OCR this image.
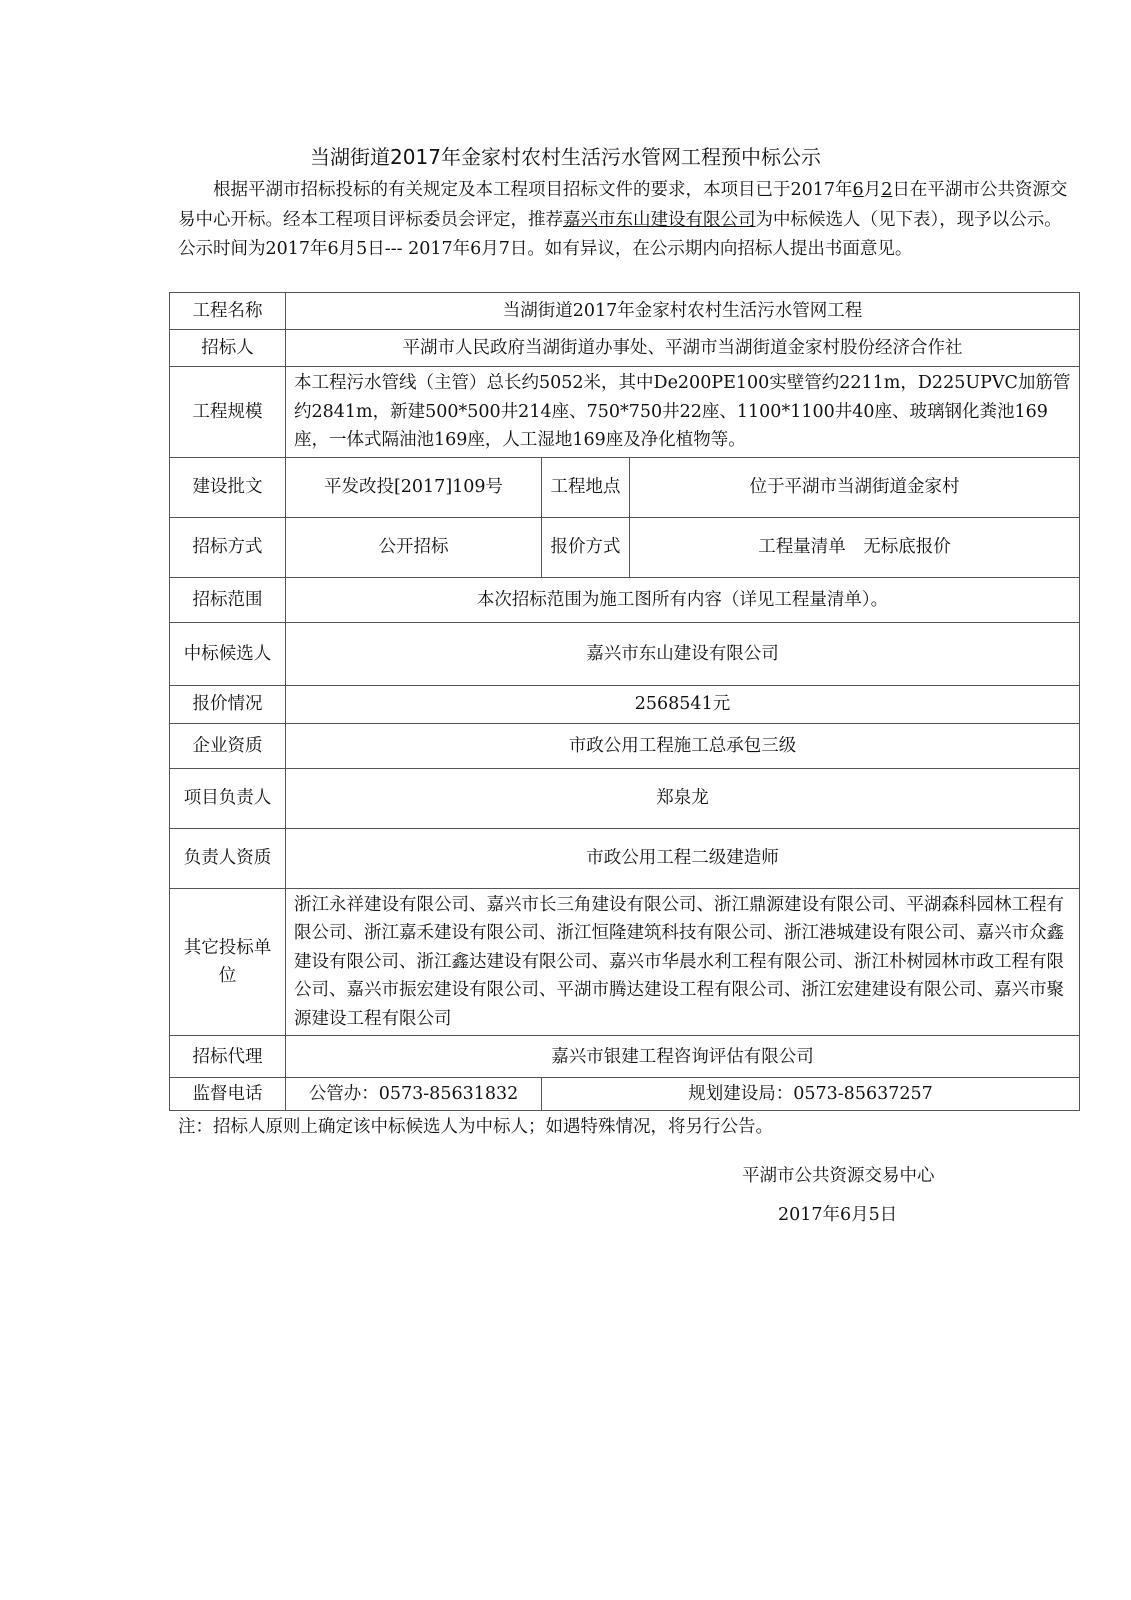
当湖街道2017年金家村农村生活污水管网工程预中标公示
根据平湖市招标投标的有关规定及本工程项目招标文件的要求，本项目已于2017年6月2日在平湖市公共资源交易中心开标。经本工程项目评标委员会评定，推荐嘉兴市东山建设有限公司为中标候选人（见下表），现予以公示。公示时间为2017年6月5日--- 2017年6月7日。如有异议，在公示期内向招标人提出书面意见。
工程名称	当湖街道2017年金家村农村生活污水管网工程		
招标人	平湖市人民政府当湖街道办事处、平湖市当湖街道金家村股份经济合作社		
工程规模	本工程污水管线（主管）总长约5052米，其中De200PE100实壁管约2211m，D225UPVC加筋管约2841m，新建500*500井214座、750*750井22座、1100*1100井40座、玻璃钢化粪池169座，一体式隔油池169座，人工湿地169座及净化植物等。		
建设批文	平发改投[2017]109号	工程地点	位于平湖市当湖街道金家村
招标方式	公开招标	报价方式	工程量清单　无标底报价
招标范围	本次招标范围为施工图所有内容（详见工程量清单）。		
中标候选人	嘉兴市东山建设有限公司		
报价情况	2568541元		
企业资质	市政公用工程施工总承包三级		
项目负责人	郑泉龙		
负责人资质	市政公用工程二级建造师		
其它投标单位	浙江永祥建设有限公司、嘉兴市长三角建设有限公司、浙江鼎源建设有限公司、平湖森科园林工程有限公司、浙江嘉禾建设有限公司、浙江恒隆建筑科技有限公司、浙江港城建设有限公司、嘉兴市众鑫建设有限公司、浙江鑫达建设有限公司、嘉兴市华晨水利工程有限公司、浙江朴树园林市政工程有限公司、嘉兴市振宏建设有限公司、平湖市腾达建设工程有限公司、浙江宏建建设有限公司、嘉兴市聚源建设工程有限公司		
招标代理	嘉兴市银建工程咨询评估有限公司		
监督电话	公管办：0573-85631832	规划建设局：0573-85637257	
注：招标人原则上确定该中标候选人为中标人；如遇特殊情况，将另行公告。
平湖市公共资源交易中心
2017年6月5日
